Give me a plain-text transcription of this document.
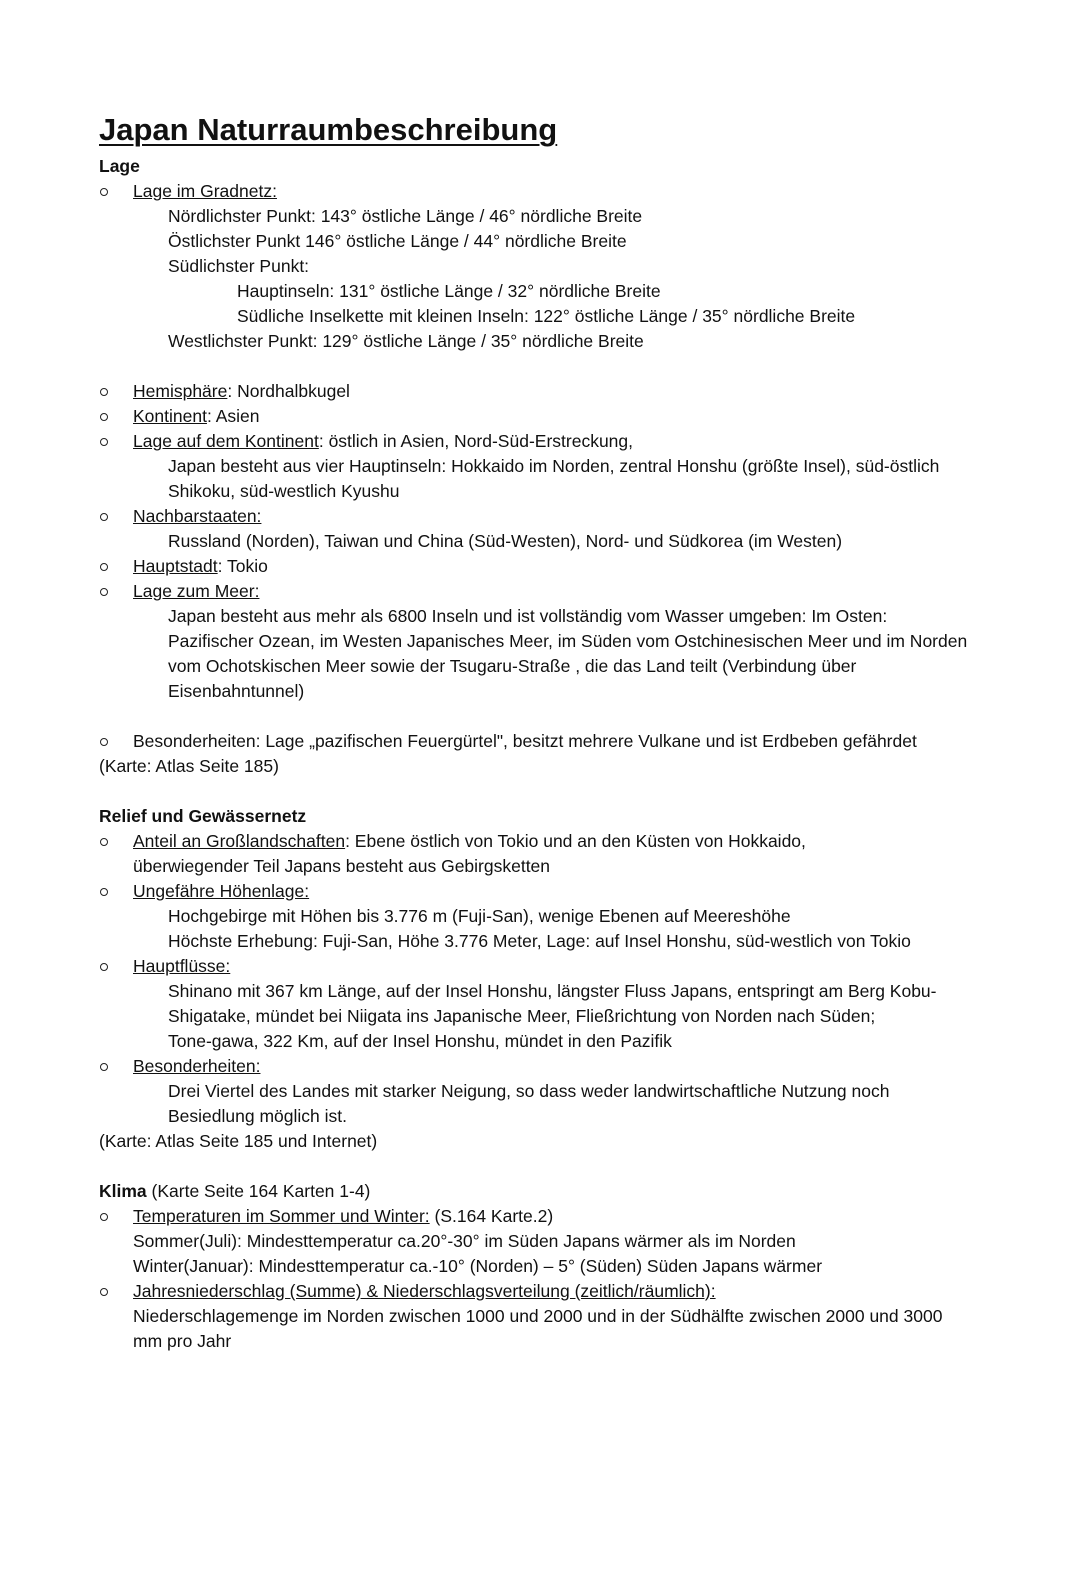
Japan Naturraumbeschreibung
Lage
Lage im Gradnetz:
Nördlichster Punkt: 143° östliche Länge / 46° nördliche Breite
Östlichster Punkt 146° östliche Länge / 44° nördliche Breite
Südlichster Punkt:
Hauptinseln: 131° östliche Länge / 32° nördliche Breite
Südliche Inselkette mit kleinen Inseln: 122° östliche Länge / 35° nördliche Breite
Westlichster Punkt: 129° östliche Länge / 35° nördliche Breite
Hemisphäre: Nordhalbkugel
Kontinent: Asien
Lage auf dem Kontinent: östlich in Asien, Nord-Süd-Erstreckung,
Japan besteht aus vier Hauptinseln: Hokkaido im Norden, zentral Honshu (größte Insel), süd-östlich Shikoku, süd-westlich Kyushu
Nachbarstaaten:
Russland (Norden), Taiwan und China (Süd-Westen), Nord- und Südkorea (im Westen)
Hauptstadt: Tokio
Lage zum Meer:
Japan besteht aus mehr als 6800 Inseln und ist vollständig vom Wasser umgeben: Im Osten: Pazifischer Ozean, im Westen Japanisches Meer, im Süden vom Ostchinesischen Meer und im Norden vom Ochotskischen Meer sowie der Tsugaru-Straße , die das Land teilt (Verbindung über Eisenbahntunnel)
Besonderheiten: Lage „pazifischen Feuergürtel", besitzt mehrere Vulkane und ist Erdbeben gefährdet
(Karte: Atlas Seite 185)
Relief und Gewässernetz
Anteil an Großlandschaften: Ebene östlich von Tokio und an den Küsten von Hokkaido, überwiegender Teil Japans besteht aus Gebirgsketten
Ungefähre Höhenlage:
Hochgebirge mit Höhen bis 3.776 m (Fuji-San), wenige Ebenen auf Meereshöhe
Höchste Erhebung: Fuji-San, Höhe 3.776 Meter, Lage: auf Insel Honshu, süd-westlich von Tokio
Hauptflüsse:
Shinano mit 367 km Länge, auf der Insel Honshu, längster Fluss Japans, entspringt am Berg Kobu-Shigatake, mündet bei Niigata ins Japanische Meer, Fließrichtung von Norden nach Süden;
Tone-gawa, 322 Km, auf der Insel Honshu, mündet in den Pazifik
Besonderheiten:
Drei Viertel des Landes mit starker Neigung, so dass weder landwirtschaftliche Nutzung noch Besiedlung möglich ist.
(Karte: Atlas Seite 185 und Internet)
Klima (Karte Seite 164 Karten 1-4)
Temperaturen im Sommer und Winter: (S.164 Karte.2)
Sommer(Juli): Mindesttemperatur ca.20°-30° im Süden Japans wärmer als im Norden
Winter(Januar): Mindesttemperatur ca.-10° (Norden) – 5° (Süden) Süden Japans wärmer
Jahresniederschlag (Summe) & Niederschlagsverteilung (zeitlich/räumlich):
Niederschlagemenge im Norden zwischen 1000 und 2000 und in der Südhälfte zwischen 2000 und 3000 mm pro Jahr
